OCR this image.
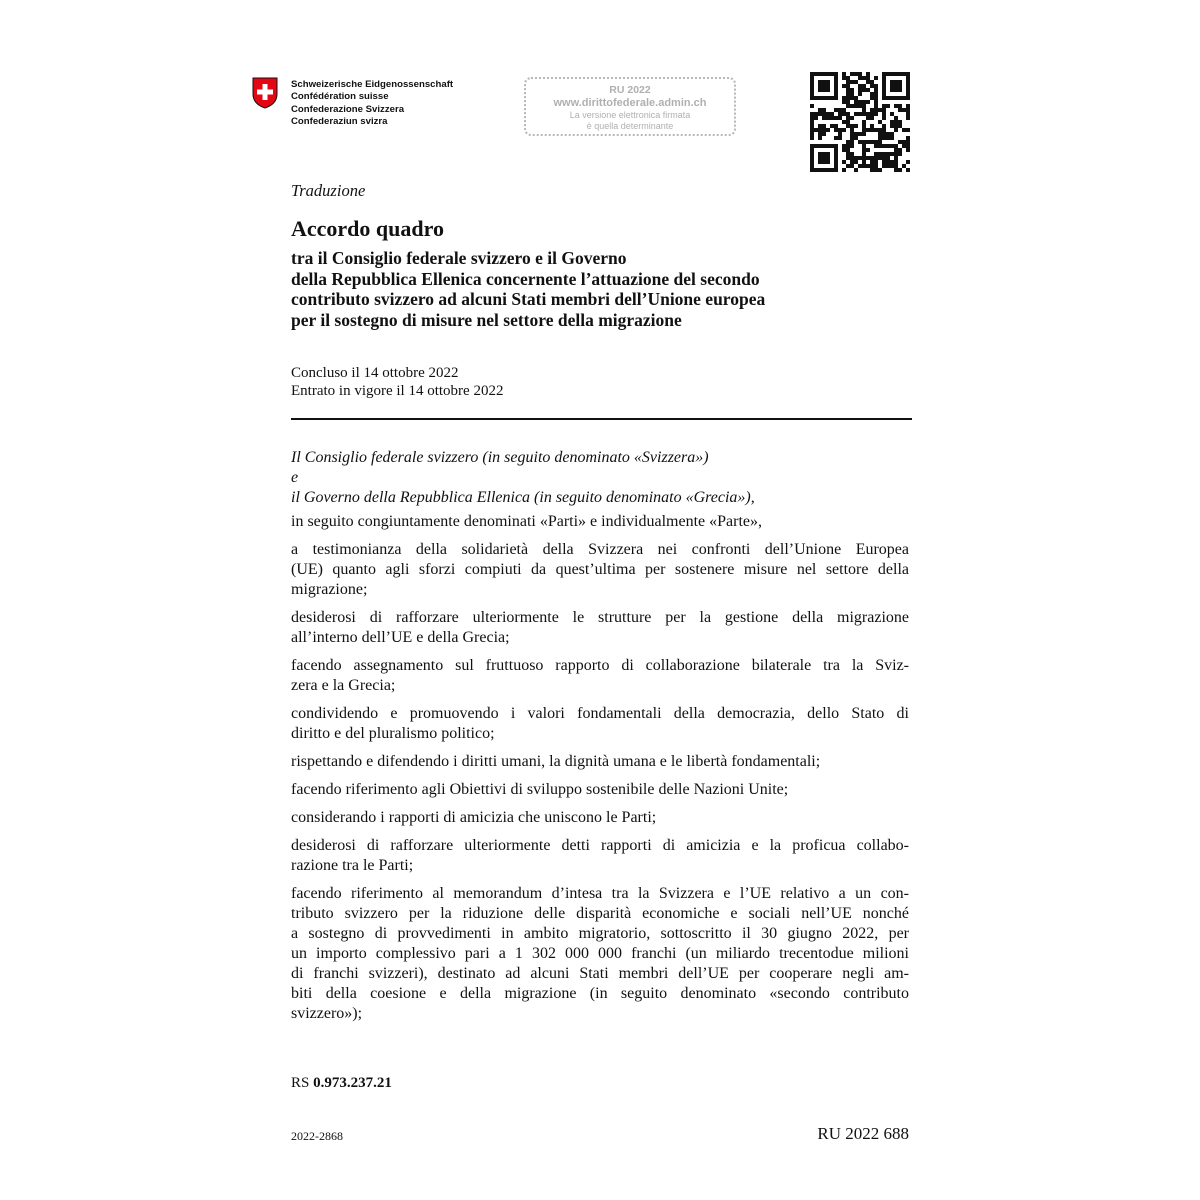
Schweizerische Eidgenossenschaft
Confédération suisse
Confederazione Svizzera
Confederaziun svizra
RU 2022
www.dirittofederale.admin.ch
La versione elettronica firmata
è quella determinante
Traduzione
Accordo quadro
tra il Consiglio federale svizzero e il Governo
della Repubblica Ellenica concernente l’attuazione del secondo
contributo svizzero ad alcuni Stati membri dell’Unione europea
per il sostegno di misure nel settore della migrazione
Concluso il 14 ottobre 2022
Entrato in vigore il 14 ottobre 2022
Il Consiglio federale svizzero (in seguito denominato «Svizzera»)
e
il Governo della Repubblica Ellenica (in seguito denominato «Grecia»),

in seguito congiuntamente denominati «Parti» e individualmente «Parte»,

a testimonianza della solidarietà della Svizzera nei confronti dell’Unione Europea
(UE) quanto agli sforzi compiuti da quest’ultima per sostenere misure nel settore della
migrazione;

desiderosi di rafforzare ulteriormente le strutture per la gestione della migrazione
all’interno dell’UE e della Grecia;

facendo assegnamento sul fruttuoso rapporto di collaborazione bilaterale tra la Sviz-
zera e la Grecia;

condividendo e promuovendo i valori fondamentali della democrazia, dello Stato di
diritto e del pluralismo politico;

rispettando e difendendo i diritti umani, la dignità umana e le libertà fondamentali;

facendo riferimento agli Obiettivi di sviluppo sostenibile delle Nazioni Unite;

considerando i rapporti di amicizia che uniscono le Parti;

desiderosi di rafforzare ulteriormente detti rapporti di amicizia e la proficua collabo-
razione tra le Parti;

facendo riferimento al memorandum d’intesa tra la Svizzera e l’UE relativo a un con-
tributo svizzero per la riduzione delle disparità economiche e sociali nell’UE nonché
a sostegno di provvedimenti in ambito migratorio, sottoscritto il 30 giugno 2022, per
un importo complessivo pari a 1 302 000 000 franchi (un miliardo trecentodue milioni
di franchi svizzeri), destinato ad alcuni Stati membri dell’UE per cooperare negli am-
biti della coesione e della migrazione (in seguito denominato «secondo contributo
svizzero»);

RS 0.973.237.21
2022-2868	RU 2022 688
